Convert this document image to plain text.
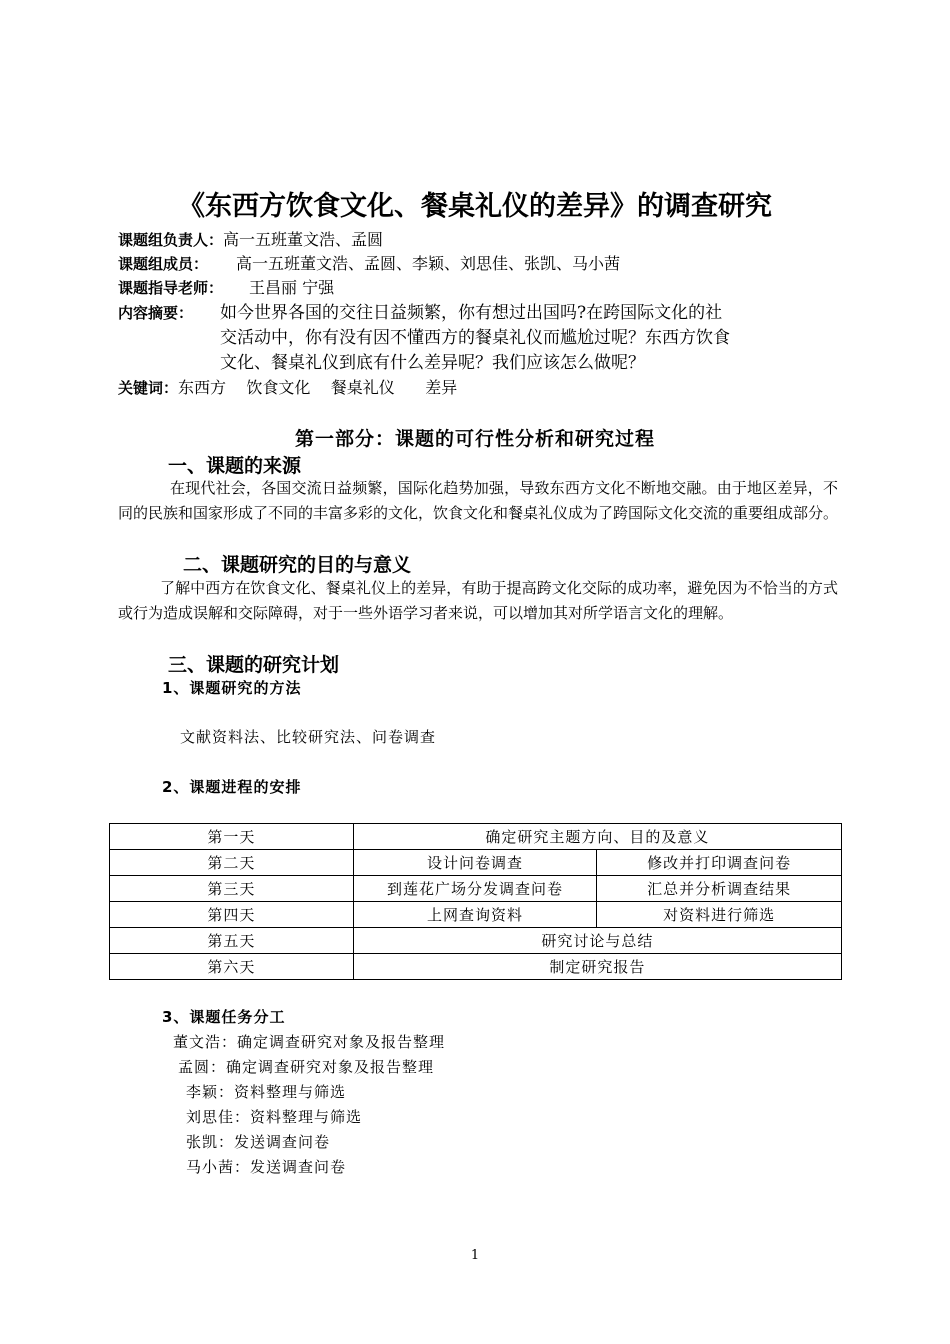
《东西方饮食文化、餐桌礼仪的差异》的调查研究
课题组负责人：高一五班董文浩、孟圆
课题组成员： 高一五班董文浩、孟圆、李颖、刘思佳、张凯、马小茜
课题指导老师： 王昌丽 宁强
内容摘要： 如今世界各国的交往日益频繁，你有想过出国吗?在跨国际文化的社
交活动中，你有没有因不懂西方的餐桌礼仪而尴尬过呢？东西方饮食
文化、餐桌礼仪到底有什么差异呢？我们应该怎么做呢？
关键词：东西方    饮食文化    餐桌礼仪      差异
第一部分：课题的可行性分析和研究过程
一、课题的来源
在现代社会，各国交流日益频繁，国际化趋势加强，导致东西方文化不断地交融。由于地区差异，不同的民族和国家形成了不同的丰富多彩的文化，饮食文化和餐桌礼仪成为了跨国际文化交流的重要组成部分。
二、课题研究的目的与意义
了解中西方在饮食文化、餐桌礼仪上的差异，有助于提高跨文化交际的成功率，避免因为不恰当的方式或行为造成误解和交际障碍，对于一些外语学习者来说，可以增加其对所学语言文化的理解。
三、课题的研究计划
1、课题研究的方法
文献资料法、比较研究法、问卷调查
2、课题进程的安排
第一天	确定研究主题方向、目的及意义	
第二天	设计问卷调查	修改并打印调查问卷
第三天	到莲花广场分发调查问卷	汇总并分析调查结果
第四天	上网查询资料	对资料进行筛选
第五天	研究讨论与总结	
第六天	制定研究报告	
3、课题任务分工
董文浩：确定调查研究对象及报告整理
孟圆：确定调查研究对象及报告整理
李颖：资料整理与筛选
刘思佳：资料整理与筛选
张凯：发送调查问卷
马小茜：发送调查问卷
1
